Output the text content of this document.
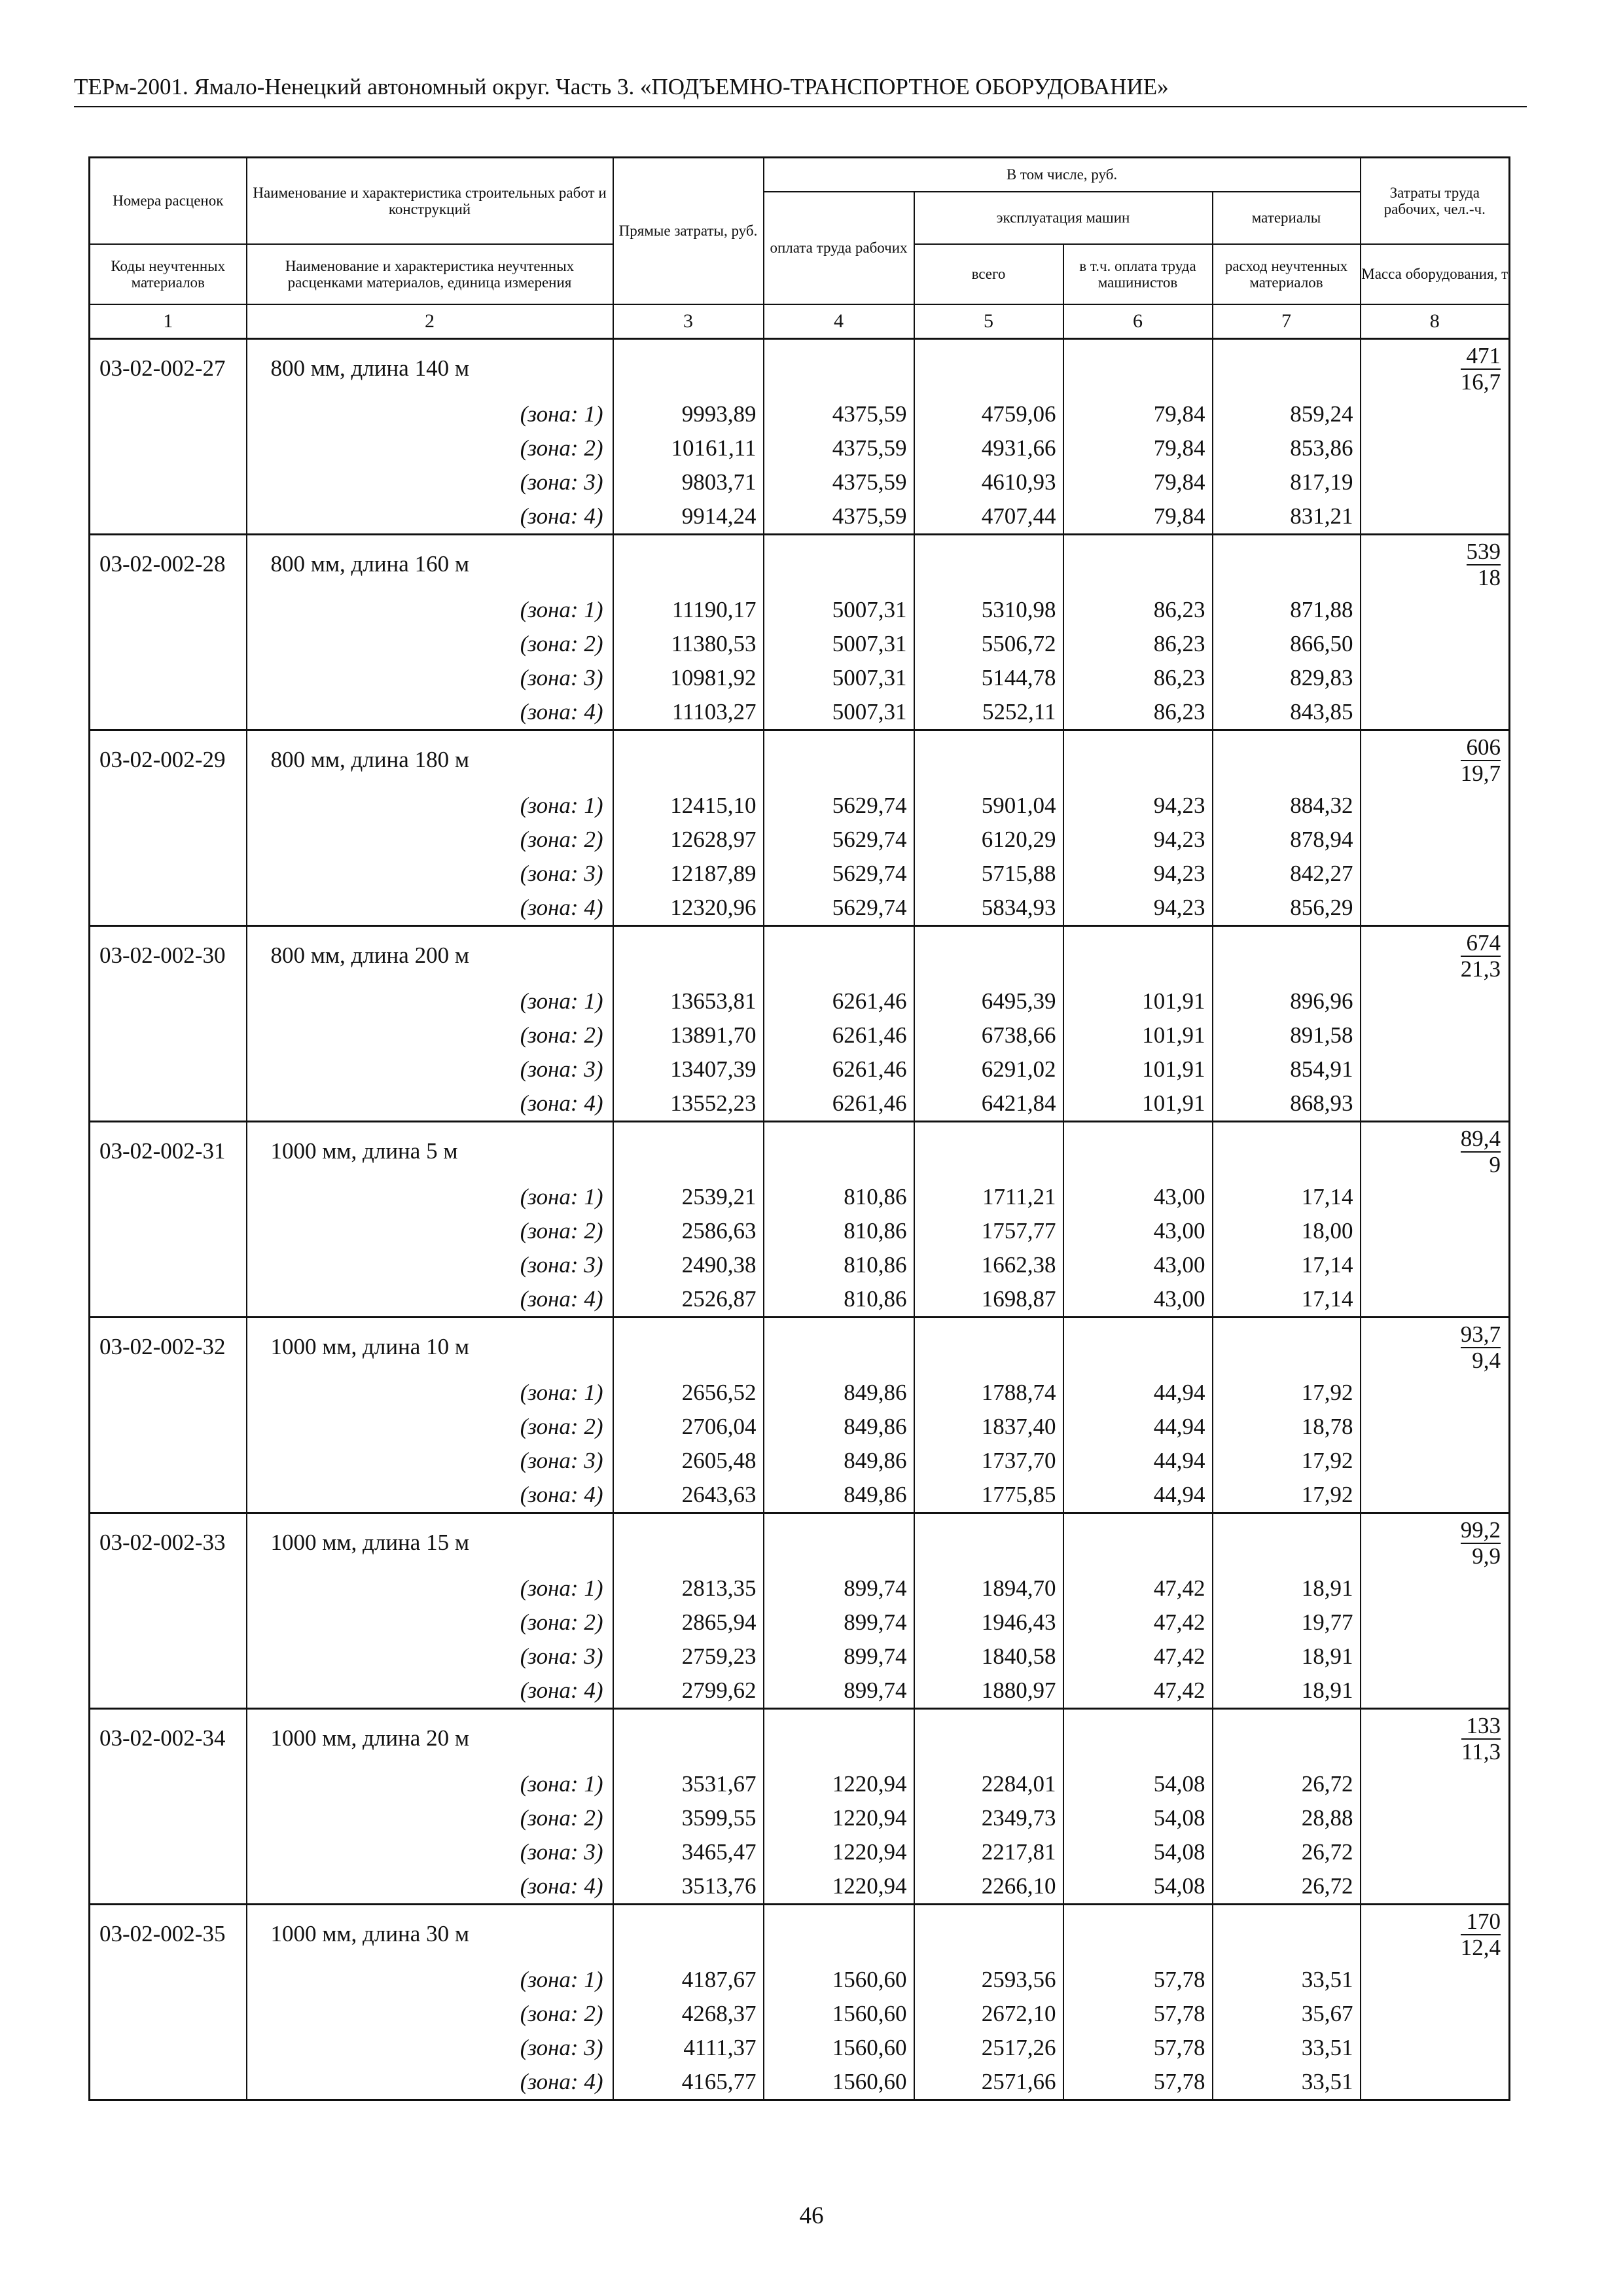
ТЕРм-2001. Ямало-Ненецкий автономный округ. Часть 3. «ПОДЪЕМНО-ТРАНСПОРТНОЕ ОБОРУДОВАНИЕ»
Номера расценок	Наименование и характеристика строительных работ и конструкций	Прямые затраты, руб.	В том числе, руб.				Затраты труда рабочих, чел.-ч.
			оплата труда рабочих	эксплуатация машин		материалы	
Коды неучтенных материалов	Наименование и характеристика неучтенных расценками материалов, единица измерения			всего	в т.ч. оплата труда машинистов	расход неучтенных материалов	Масса оборудования, т

1	2	3	4	5	6	7	8
03-02-002-27	800 мм, длина 140 м						$\frac{471}{16,7}$

	(зона: 1)	9993,89	4375,59	4759,06	79,84	859,24	
	(зона: 2)	10161,11	4375,59	4931,66	79,84	853,86	
	(зона: 3)	9803,71	4375,59	4610,93	79,84	817,19	
	(зона: 4)	9914,24	4375,59	4707,44	79,84	831,21	
03-02-002-28	800 мм, длина 160 м						$\frac{539}{18}$

	(зона: 1)	11190,17	5007,31	5310,98	86,23	871,88	
	(зона: 2)	11380,53	5007,31	5506,72	86,23	866,50	
	(зона: 3)	10981,92	5007,31	5144,78	86,23	829,83	
	(зона: 4)	11103,27	5007,31	5252,11	86,23	843,85	
03-02-002-29	800 мм, длина 180 м						$\frac{606}{19,7}$

	(зона: 1)	12415,10	5629,74	5901,04	94,23	884,32	
	(зона: 2)	12628,97	5629,74	6120,29	94,23	878,94	
	(зона: 3)	12187,89	5629,74	5715,88	94,23	842,27	
	(зона: 4)	12320,96	5629,74	5834,93	94,23	856,29	
03-02-002-30	800 мм, длина 200 м						$\frac{674}{21,3}$

	(зона: 1)	13653,81	6261,46	6495,39	101,91	896,96	
	(зона: 2)	13891,70	6261,46	6738,66	101,91	891,58	
	(зона: 3)	13407,39	6261,46	6291,02	101,91	854,91	
	(зона: 4)	13552,23	6261,46	6421,84	101,91	868,93	
03-02-002-31	1000 мм, длина 5 м						$\frac{89,4}{9}$

	(зона: 1)	2539,21	810,86	1711,21	43,00	17,14	
	(зона: 2)	2586,63	810,86	1757,77	43,00	18,00	
	(зона: 3)	2490,38	810,86	1662,38	43,00	17,14	
	(зона: 4)	2526,87	810,86	1698,87	43,00	17,14	
03-02-002-32	1000 мм, длина 10 м						$\frac{93,7}{9,4}$

	(зона: 1)	2656,52	849,86	1788,74	44,94	17,92	
	(зона: 2)	2706,04	849,86	1837,40	44,94	18,78	
	(зона: 3)	2605,48	849,86	1737,70	44,94	17,92	
	(зона: 4)	2643,63	849,86	1775,85	44,94	17,92	
03-02-002-33	1000 мм, длина 15 м						$\frac{99,2}{9,9}$

	(зона: 1)	2813,35	899,74	1894,70	47,42	18,91	
	(зона: 2)	2865,94	899,74	1946,43	47,42	19,77	
	(зона: 3)	2759,23	899,74	1840,58	47,42	18,91	
	(зона: 4)	2799,62	899,74	1880,97	47,42	18,91	
03-02-002-34	1000 мм, длина 20 м						$\frac{133}{11,3}$

	(зона: 1)	3531,67	1220,94	2284,01	54,08	26,72	
	(зона: 2)	3599,55	1220,94	2349,73	54,08	28,88	
	(зона: 3)	3465,47	1220,94	2217,81	54,08	26,72	
	(зона: 4)	3513,76	1220,94	2266,10	54,08	26,72	
03-02-002-35	1000 мм, длина 30 м						$\frac{170}{12,4}$

	(зона: 1)	4187,67	1560,60	2593,56	57,78	33,51	
	(зона: 2)	4268,37	1560,60	2672,10	57,78	35,67	
	(зона: 3)	4111,37	1560,60	2517,26	57,78	33,51	
	(зона: 4)	4165,77	1560,60	2571,66	57,78	33,51	
46
